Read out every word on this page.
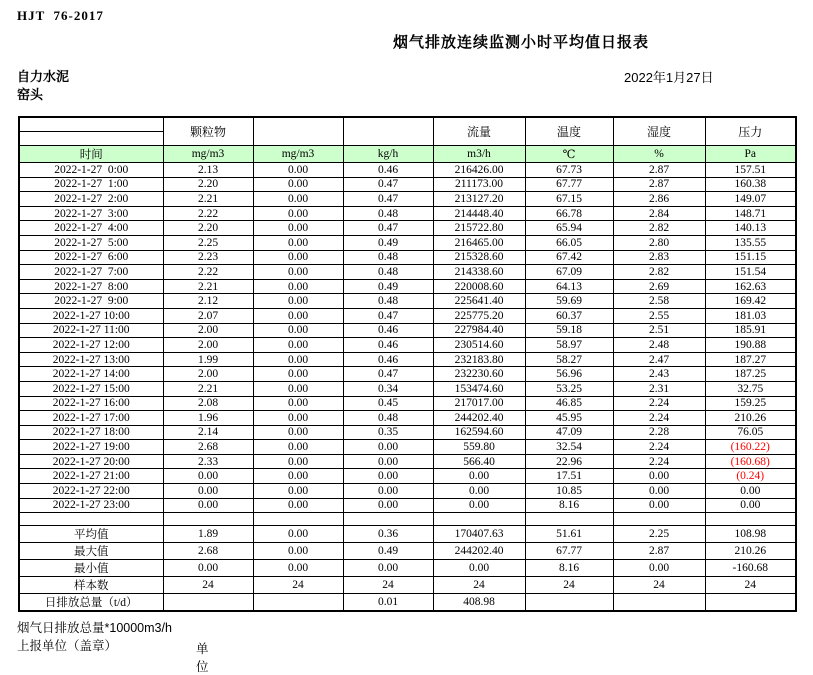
HJT  76-2017
烟气排放连续监测小时平均值日报表
自力水泥
窑头
2022年1月27日
	颗粒物			流量	温度	湿度	压力
时间	mg/m3	mg/m3	kg/h	m3/h	℃	%	Pa
2022-1-27  0:00	2.13	0.00	0.46	216426.00	67.73	2.87	157.51
2022-1-27  1:00	2.20	0.00	0.47	211173.00	67.77	2.87	160.38
2022-1-27  2:00	2.21	0.00	0.47	213127.20	67.15	2.86	149.07
2022-1-27  3:00	2.22	0.00	0.48	214448.40	66.78	2.84	148.71
2022-1-27  4:00	2.20	0.00	0.47	215722.80	65.94	2.82	140.13
2022-1-27  5:00	2.25	0.00	0.49	216465.00	66.05	2.80	135.55
2022-1-27  6:00	2.23	0.00	0.48	215328.60	67.42	2.83	151.15
2022-1-27  7:00	2.22	0.00	0.48	214338.60	67.09	2.82	151.54
2022-1-27  8:00	2.21	0.00	0.49	220008.60	64.13	2.69	162.63
2022-1-27  9:00	2.12	0.00	0.48	225641.40	59.69	2.58	169.42
2022-1-27 10:00	2.07	0.00	0.47	225775.20	60.37	2.55	181.03
2022-1-27 11:00	2.00	0.00	0.46	227984.40	59.18	2.51	185.91
2022-1-27 12:00	2.00	0.00	0.46	230514.60	58.97	2.48	190.88
2022-1-27 13:00	1.99	0.00	0.46	232183.80	58.27	2.47	187.27
2022-1-27 14:00	2.00	0.00	0.47	232230.60	56.96	2.43	187.25
2022-1-27 15:00	2.21	0.00	0.34	153474.60	53.25	2.31	32.75
2022-1-27 16:00	2.08	0.00	0.45	217017.00	46.85	2.24	159.25
2022-1-27 17:00	1.96	0.00	0.48	244202.40	45.95	2.24	210.26
2022-1-27 18:00	2.14	0.00	0.35	162594.60	47.09	2.28	76.05
2022-1-27 19:00	2.68	0.00	0.00	559.80	32.54	2.24	(160.22)
2022-1-27 20:00	2.33	0.00	0.00	566.40	22.96	2.24	(160.68)
2022-1-27 21:00	0.00	0.00	0.00	0.00	17.51	0.00	(0.24)
2022-1-27 22:00	0.00	0.00	0.00	0.00	10.85	0.00	0.00
2022-1-27 23:00	0.00	0.00	0.00	0.00	8.16	0.00	0.00

平均值	1.89	0.00	0.36	170407.63	51.61	2.25	108.98
最大值	2.68	0.00	0.49	244202.40	67.77	2.87	210.26
最小值	0.00	0.00	0.00	0.00	8.16	0.00	-160.68
样本数	24	24	24	24	24	24	24
日排放总量（t/d）			0.01	408.98			
烟气日排放总量*10000m3/h
上报单位（盖章）	单位
